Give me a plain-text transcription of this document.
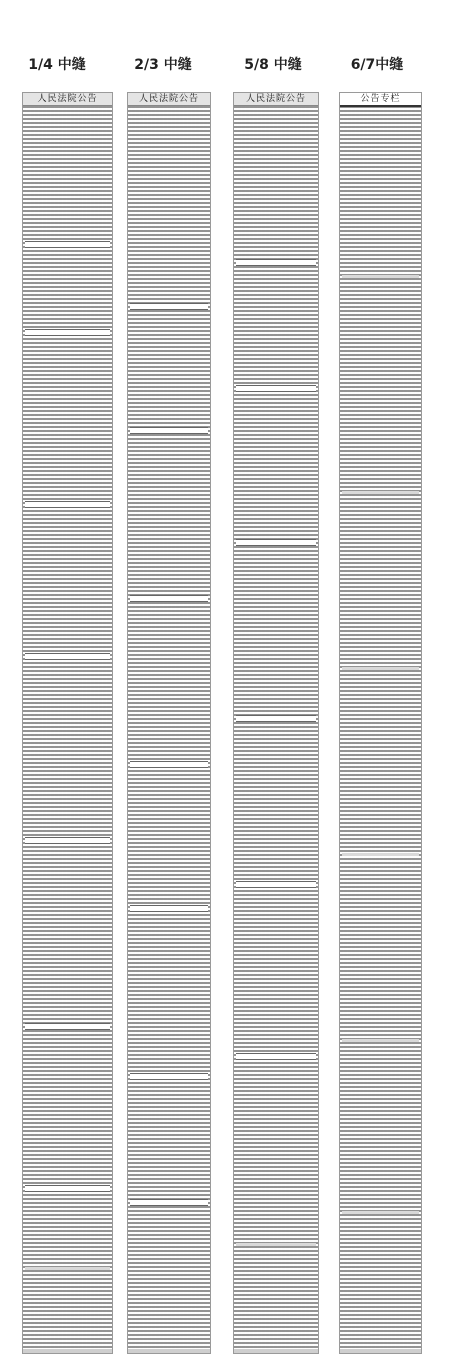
1/4 中缝	2/3 中缝	5/8 中缝	6/7中缝
人民法院公告	人民法院公告	人民法院公告	公告专栏
